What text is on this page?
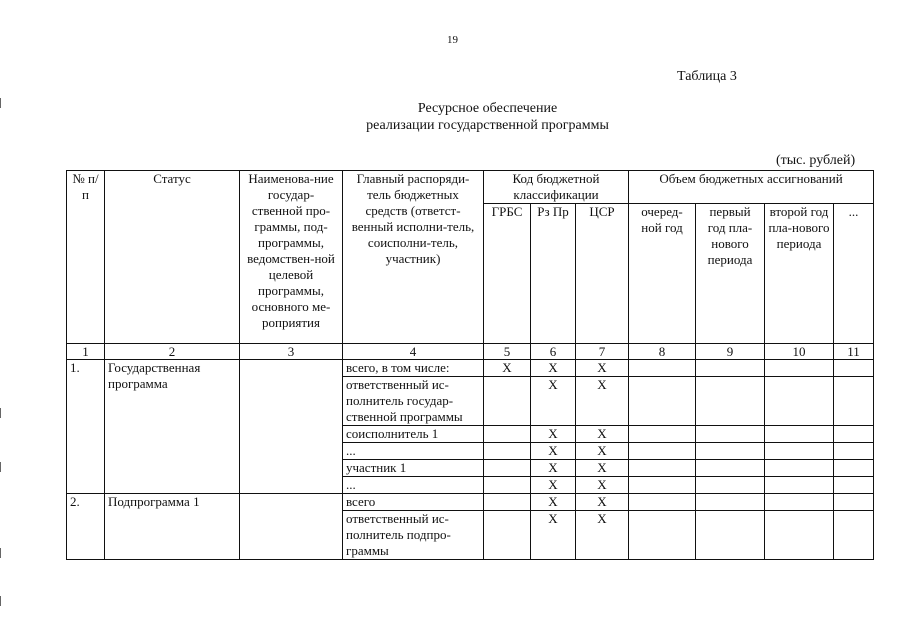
19
Таблица 3
Ресурсное обеспечение
реализации государственной программы
(тыс. рублей)
№ п/п	Статус	Наименова-ние государ-ственной про-граммы, под-программы, ведомствен-ной целевой программы, основного ме-роприятия	Главный распоряди-тель бюджетных средств (ответст-венный исполни-тель, соисполни-тель, участник)	Код бюджетной классификации			Объем бюджетных ассигнований			
				ГРБС	Рз Пр	ЦСР	очеред-ной год	первый год пла-нового периода	второй год пла-нового периода	...
1	2	3	4	5	6	7	8	9	10	11
1.	Государственная программа		всего, в том числе:	X	X	X				
			ответственный ис-полнитель государ-ственной программы		X	X				
			соисполнитель 1		X	X				
			...		X	X				
			участник 1		X	X				
			...		X	X				
2.	Подпрограмма 1		всего		X	X				
			ответственный ис-полнитель подпро-граммы		X	X				
